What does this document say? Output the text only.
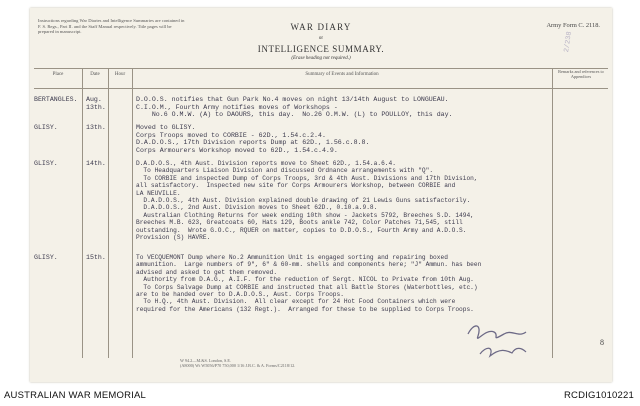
Instructions regarding War Diaries and Intelligence Summaries are contained in F. S. Regs., Part II. and the Staff Manual respectively. Title pages will be prepared in manuscript.	WAR DIARY
or
INTELLIGENCE SUMMARY.
(Erase heading not required.)
Army Form C. 2118.
2/238
Place	Date	Hour	Summary of Events and Information
Remarks and references to Appendices
BERTANGLES.	Aug.
13th.
D.O.O.S. notifies that Gun Park No.4 moves on night 13/14th August to LONGUEAU.
C.I.O.M., Fourth Army notifies moves of Workshops -
No.6 O.M.W. (A) to DAOURS, this day.  No.26 O.M.W. (L) to POULLOY, this day.
GLISY.	13th.	Moved to GLISY.
Corps Troops moved to CORBIE - 62D., 1.54.c.2.4.
D.A.D.O.S., 17th Division reports Dump at 62D., 1.56.c.8.8.
Corps Armourers Workshop moved to 62D., 1.54.c.4.9.
GLISY.	14th.	D.A.D.O.S., 4th Aust. Division reports move to Sheet 62D., 1.54.a.6.4.
To Headquarters Liaison Division and discussed Ordnance arrangements with "Q".
To CORBIE and inspected Dump of Corps Troops, 3rd & 4th Aust. Divisions and 17th Division,
all satisfactory.  Inspected new site for Corps Armourers Workshop, between CORBIE and
LA NEUVILLE.
D.A.D.O.S., 4th Aust. Division explained double drawing of 21 Lewis Guns satisfactorily.
D.A.D.O.S., 2nd Aust. Division moves to Sheet 62D., 0.10.a.9.8.
Australian Clothing Returns for week ending 10th show - Jackets 5792, Breeches S.D. 1494,
Breeches M.B. 623, Greatcoats 60, Hats 129, Boots ankle 742, Color Patches 71,545, still
outstanding.  Wrote G.O.C., RQUER on matter, copies to D.D.O.S., Fourth Army and A.D.O.S.
Provision (S) HAVRE.
GLISY.	15th.	To VECQUEMONT Dump where No.2 Ammunition Unit is engaged sorting and repairing boxed
ammunition.  Large numbers of 9", 6" & 60-mm. shells and components here; "J" Ammun. has been
advised and asked to get them removed.
Authority from D.A.G., A.I.F. for the reduction of Sergt. NICOL to Private from 10th Aug.
To Corps Salvage Dump at CORBIE and instructed that all Battle Stores (Waterbottles, etc.)
are to be handed over to D.A.D.O.S., Aust. Corps Troops.
To H.Q., 4th Aust. Division.  All clear except for 24 Hot Food Containers which were
required for the Americans (132 Regt.).  Arranged for these to be supplied to Corps Troops.
8
W 94.2—M.&S. London, S.E.
(A8000) Wt W5056/P70 750,000 1/16 J.B.C. & A. Forms/C2118/12.
AUSTRALIAN WAR MEMORIAL	RCDIG1010221
